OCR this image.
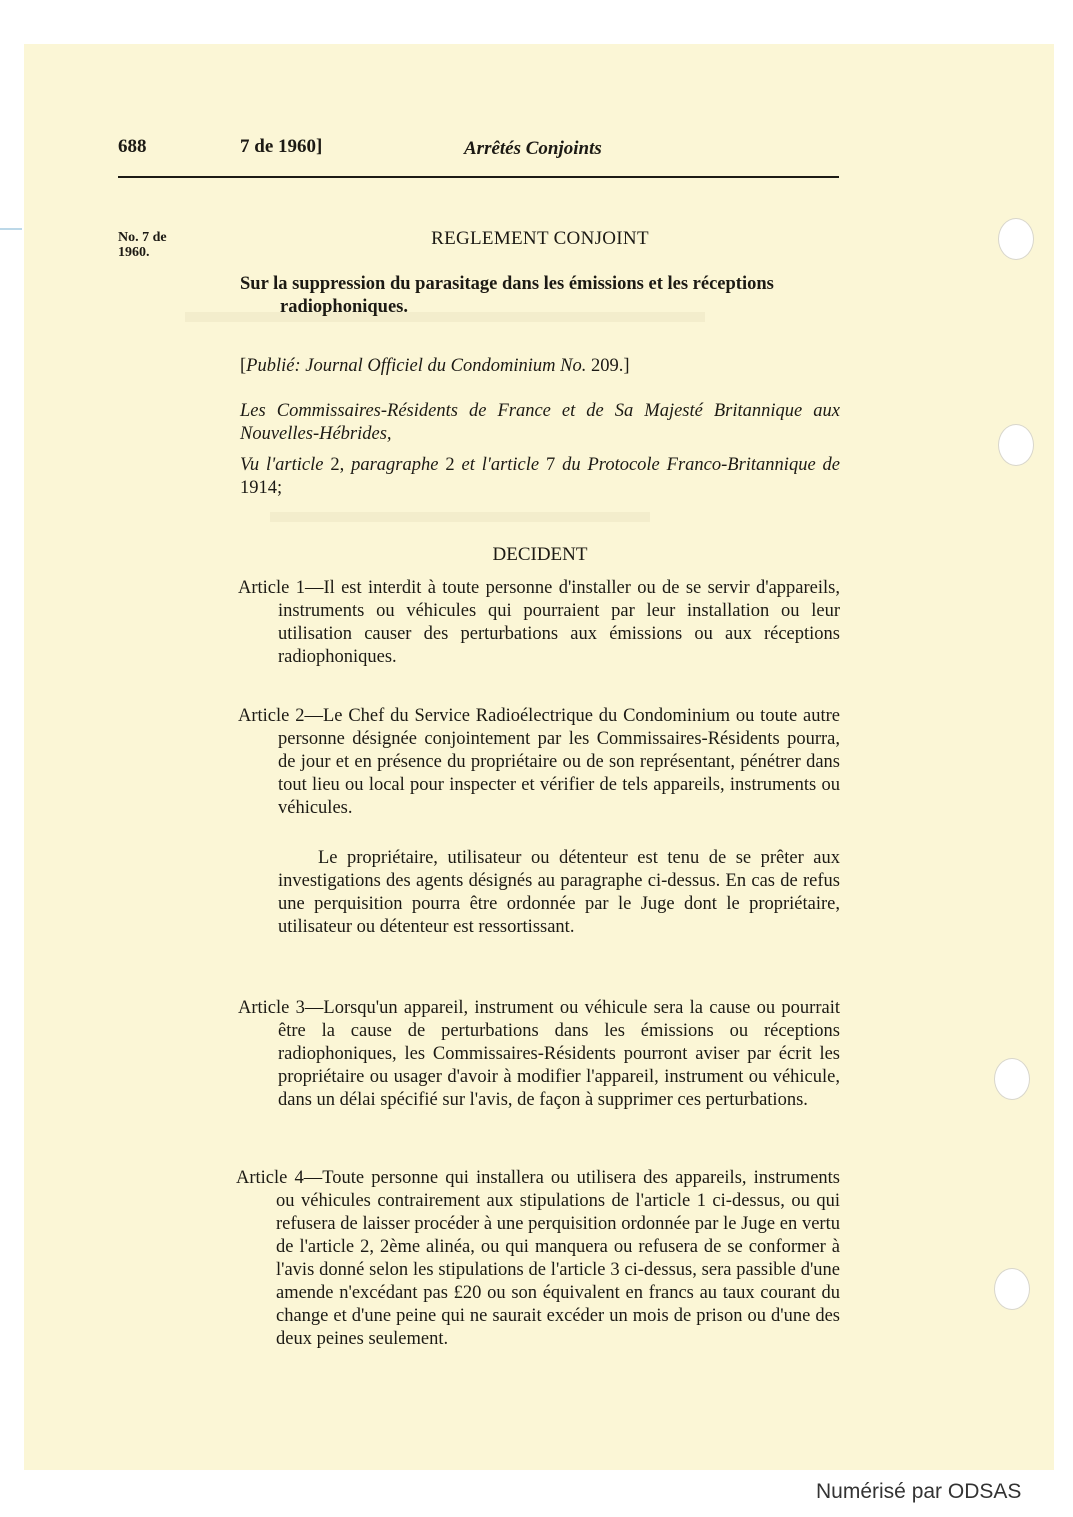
688	7 de 1960]	Arrêtés Conjoints
No. 7 de
1960.
REGLEMENT CONJOINT
Sur la suppression du parasitage dans les émissions et les réceptions radiophoniques.
[Publié: Journal Officiel du Condominium No. 209.]
Les Commissaires-Résidents de France et de Sa Majesté Britannique aux Nouvelles-Hébrides,
Vu l'article 2, paragraphe 2 et l'article 7 du Protocole Franco-Britannique de 1914;
DECIDENT
Article 1—Il est interdit à toute personne d'installer ou de se servir d'appareils, instruments ou véhicules qui pourraient par leur installation ou leur utilisation causer des perturbations aux émissions ou aux réceptions radiophoniques.
Article 2—Le Chef du Service Radioélectrique du Condominium ou toute autre personne désignée conjointement par les Commissaires-Résidents pourra, de jour et en présence du propriétaire ou de son représentant, pénétrer dans tout lieu ou local pour inspecter et vérifier de tels appareils, instruments ou véhicules.
Le propriétaire, utilisateur ou détenteur est tenu de se prêter aux investigations des agents désignés au paragraphe ci-dessus. En cas de refus une perquisition pourra être ordonnée par le Juge dont le propriétaire, utilisateur ou détenteur est ressortissant.
Article 3—Lorsqu'un appareil, instrument ou véhicule sera la cause ou pourrait être la cause de perturbations dans les émissions ou réceptions radiophoniques, les Commissaires-Résidents pourront aviser par écrit les propriétaire ou usager d'avoir à modifier l'appareil, instrument ou véhicule, dans un délai spécifié sur l'avis, de façon à supprimer ces perturbations.
Article 4—Toute personne qui installera ou utilisera des appareils, instruments ou véhicules contrairement aux stipulations de l'article 1 ci-dessus, ou qui refusera de laisser procéder à une perquisition ordonnée par le Juge en vertu de l'article 2, 2ème alinéa, ou qui manquera ou refusera de se conformer à l'avis donné selon les stipulations de l'article 3 ci-dessus, sera passible d'une amende n'excédant pas £20 ou son équivalent en francs au taux courant du change et d'une peine qui ne saurait excéder un mois de prison ou d'une des deux peines seulement.
Numérisé par ODSAS
